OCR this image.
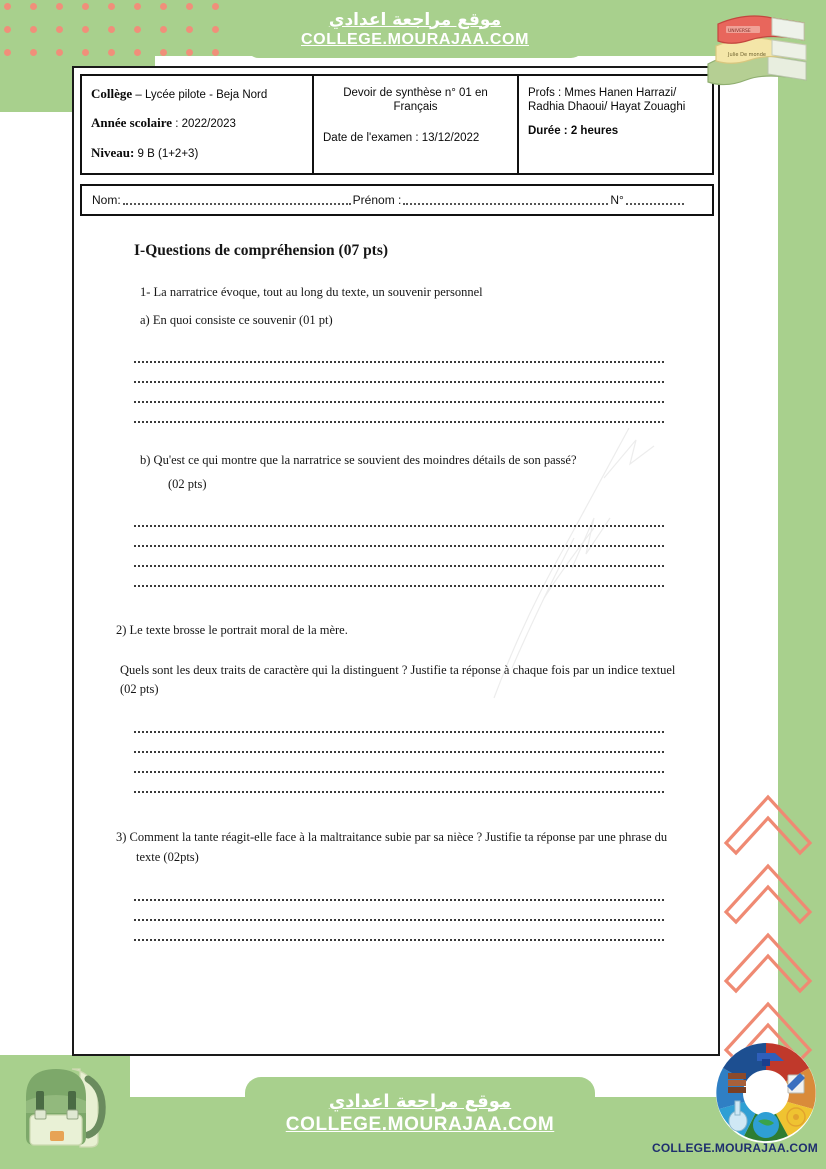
Julie De monde
UNIVERSE
موقع مراجعة اعدادي
COLLEGE.MOURAJAA.COM
موقع مراجعة اعدادي
COLLEGE.MOURAJAA.COM
COLLEGE.MOURAJAA.COM
Collège – Lycée pilote - Beja Nord
Année scolaire : 2022/2023
Niveau: 9 B (1+2+3)
Devoir de synthèse n° 01 en Français
Date de l'examen : 13/12/2022
Profs : Mmes Hanen Harrazi/ Radhia Dhaoui/ Hayat Zouaghi
Durée : 2 heures
Nom:	Prénom :	N°
I-Questions de compréhension (07 pts)
1- La narratrice évoque, tout au long du texte, un souvenir personnel
a) En quoi consiste ce souvenir (01 pt)
b) Qu'est ce qui montre que la narratrice se souvient des moindres détails de son passé?
(02 pts)
2) Le texte brosse le portrait moral de la mère.
Quels sont les deux traits de caractère qui la distinguent ? Justifie ta réponse à chaque fois par un indice textuel (02 pts)
3) Comment la tante réagit-elle face à la maltraitance subie par sa nièce ? Justifie ta réponse par une phrase du texte (02pts)
